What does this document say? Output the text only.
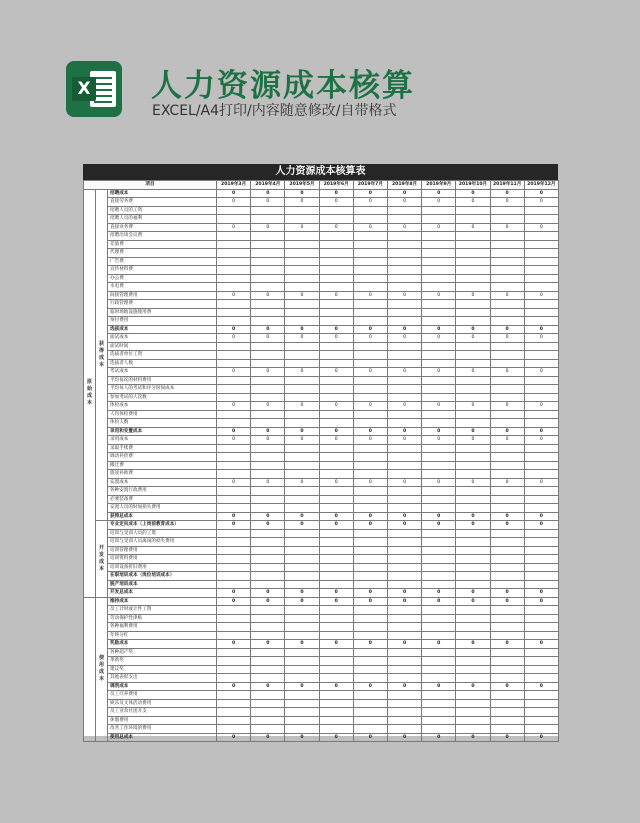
X 人力资源成本核算
EXCEL/A4打印/内容随意修改/自带格式
人力资源成本核算表
项目			2019年3月	2019年4月	2019年5月	2019年6月	2019年7月	2019年8月	2019年9月	2019年10月	2019年11月	2019年12月
原始成本	获得成本	招聘成本	0	0	0	0	0	0	0	0	0	0
		直接劳务费	0	0	0	0	0	0	0	0	0	0
		招聘人员的工资										
		招聘人员的福利										
		直接业务费	0	0	0	0	0	0	0	0	0	0
		招聘洽谈会议费										
		差旅费										
		代理费										
		广告费										
		宣传材料费										
		办公费										
		水电费										
		间接管理费用	0	0	0	0	0	0	0	0	0	0
		行政管理费										
		临时场地设施使用费										
		预付费用										
		选拔成本	0	0	0	0	0	0	0	0	0	0
		面试成本	0	0	0	0	0	0	0	0	0	0
		面试时间										
		选拔者单位工资										
		选拔者人数										
		考试成本	0	0	0	0	0	0	0	0	0	0
		平均每次的材料费用										
		平均每人的考试和评分时间成本										
		参加考试的人次数										
		体检成本	0	0	0	0	0	0	0	0	0	0
		人均体检费用										
		体检人数										
		录用和安置成本	0	0	0	0	0	0	0	0	0	0
		录用成本	0	0	0	0	0	0	0	0	0	0
		录取手续费										
		调动补偿费										
		搬迁费										
		旅途补助费										
		安置成本	0	0	0	0	0	0	0	0	0	0
		各种安置行政费用										
		必要装备费										
		安置人员的时间损失费用										
		获得总成本	0	0	0	0	0	0	0	0	0	0
	开发成本	专业定向成本（上岗前教育成本）	0	0	0	0	0	0	0	0	0	0
		培训与受训人员的工资										
		培训与受训人员离岗的损失费用										
		培训管理费用										
		培训资料费用										
		培训设备折旧费用										
		在职培训成本（岗位培训成本）										
		脱产培训成本										
		开发总成本	0	0	0	0	0	0	0	0	0	0
	使用成本	维持成本	0	0	0	0	0	0	0	0	0	0
		员工计时或计件工资										
		劳动保护性津贴										
		各种福利费用										
		年终分红										
		奖励成本	0	0	0	0	0	0	0	0	0	0
		各种超产奖										
		革新奖										
		建议奖										
		其他表彰支出										
		调剂成本	0	0	0	0	0	0	0	0	0	0
		员工疗养费用										
		娱乐及文体活动费用										
		员工业余社团开支										
		休假费用										
		改善工作环境的费用										
		使用总成本	0	0	0	0	0	0	0	0	0	0
